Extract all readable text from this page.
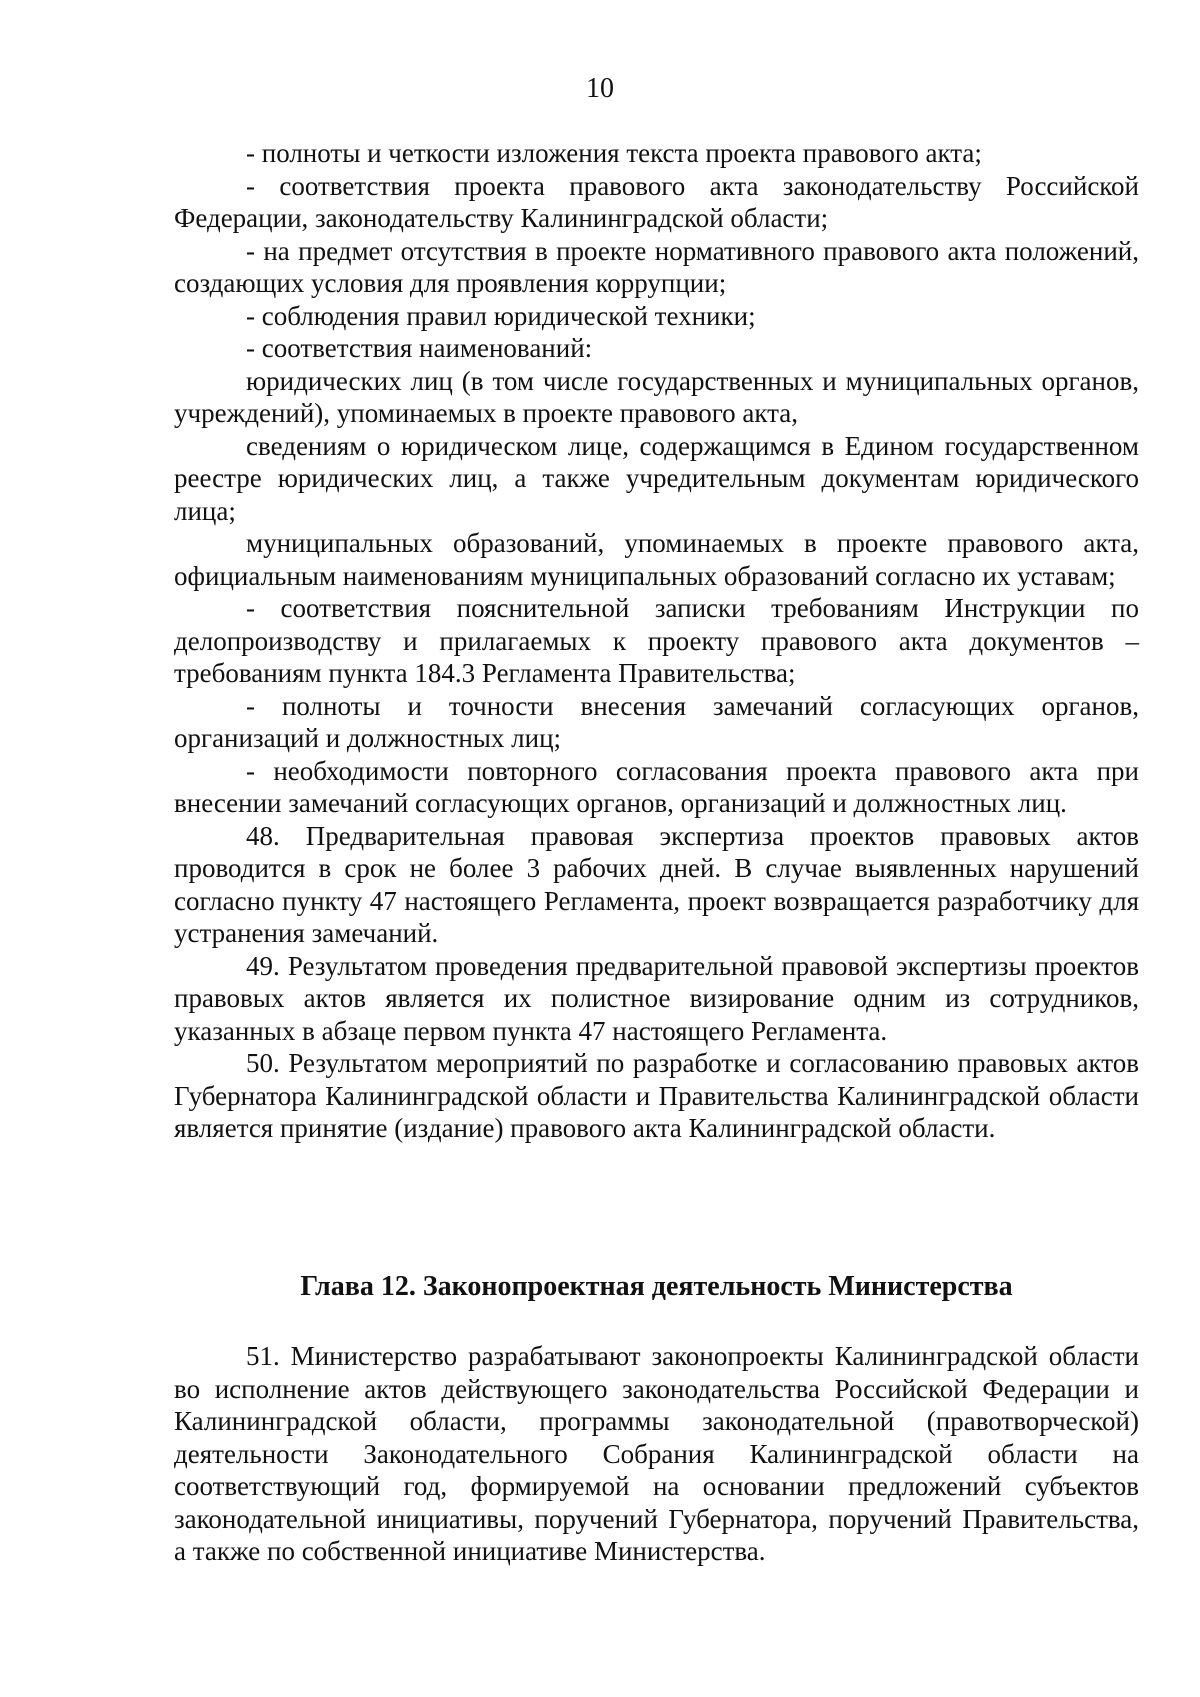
10

- полноты и четкости изложения текста проекта правового акта;

- соответствия проекта правового акта законодательству Российской Федерации, законодательству Калининградской области;

- на предмет отсутствия в проекте нормативного правового акта положений, создающих условия для проявления коррупции;

- соблюдения правил юридической техники;

- соответствия наименований:

юридических лиц (в том числе государственных и муниципальных органов, учреждений), упоминаемых в проекте правового акта,

сведениям о юридическом лице, содержащимся в Едином государственном реестре юридических лиц, а также учредительным документам юридического лица;

муниципальных образований, упоминаемых в проекте правового акта, официальным наименованиям муниципальных образований согласно их уставам;

- соответствия пояснительной записки требованиям Инструкции по делопроизводству и прилагаемых к проекту правового акта документов – требованиям пункта 184.3 Регламента Правительства;

- полноты и точности внесения замечаний согласующих органов, организаций и должностных лиц;

- необходимости повторного согласования проекта правового акта при внесении замечаний согласующих органов, организаций и должностных лиц.

48. Предварительная правовая экспертиза проектов правовых актов проводится в срок не более 3 рабочих дней. В случае выявленных нарушений согласно пункту 47 настоящего Регламента, проект возвращается разработчику для устранения замечаний.

49. Результатом проведения предварительной правовой экспертизы проектов правовых актов является их полистное визирование одним из сотрудников, указанных в абзаце первом пункта 47 настоящего Регламента.

50. Результатом мероприятий по разработке и согласованию правовых актов Губернатора Калининградской области и Правительства Калининградской области является принятие (издание) правового акта Калининградской области.

Глава 12. Законопроектная деятельность Министерства

51. Министерство разрабатывают законопроекты Калининградской области во исполнение актов действующего законодательства Российской Федерации и Калининградской области, программы законодательной (правотворческой) деятельности Законодательного Собрания Калининградской области на соответствующий год, формируемой на основании предложений субъектов законодательной инициативы, поручений Губернатора, поручений Правительства, а также по собственной инициативе Министерства.
